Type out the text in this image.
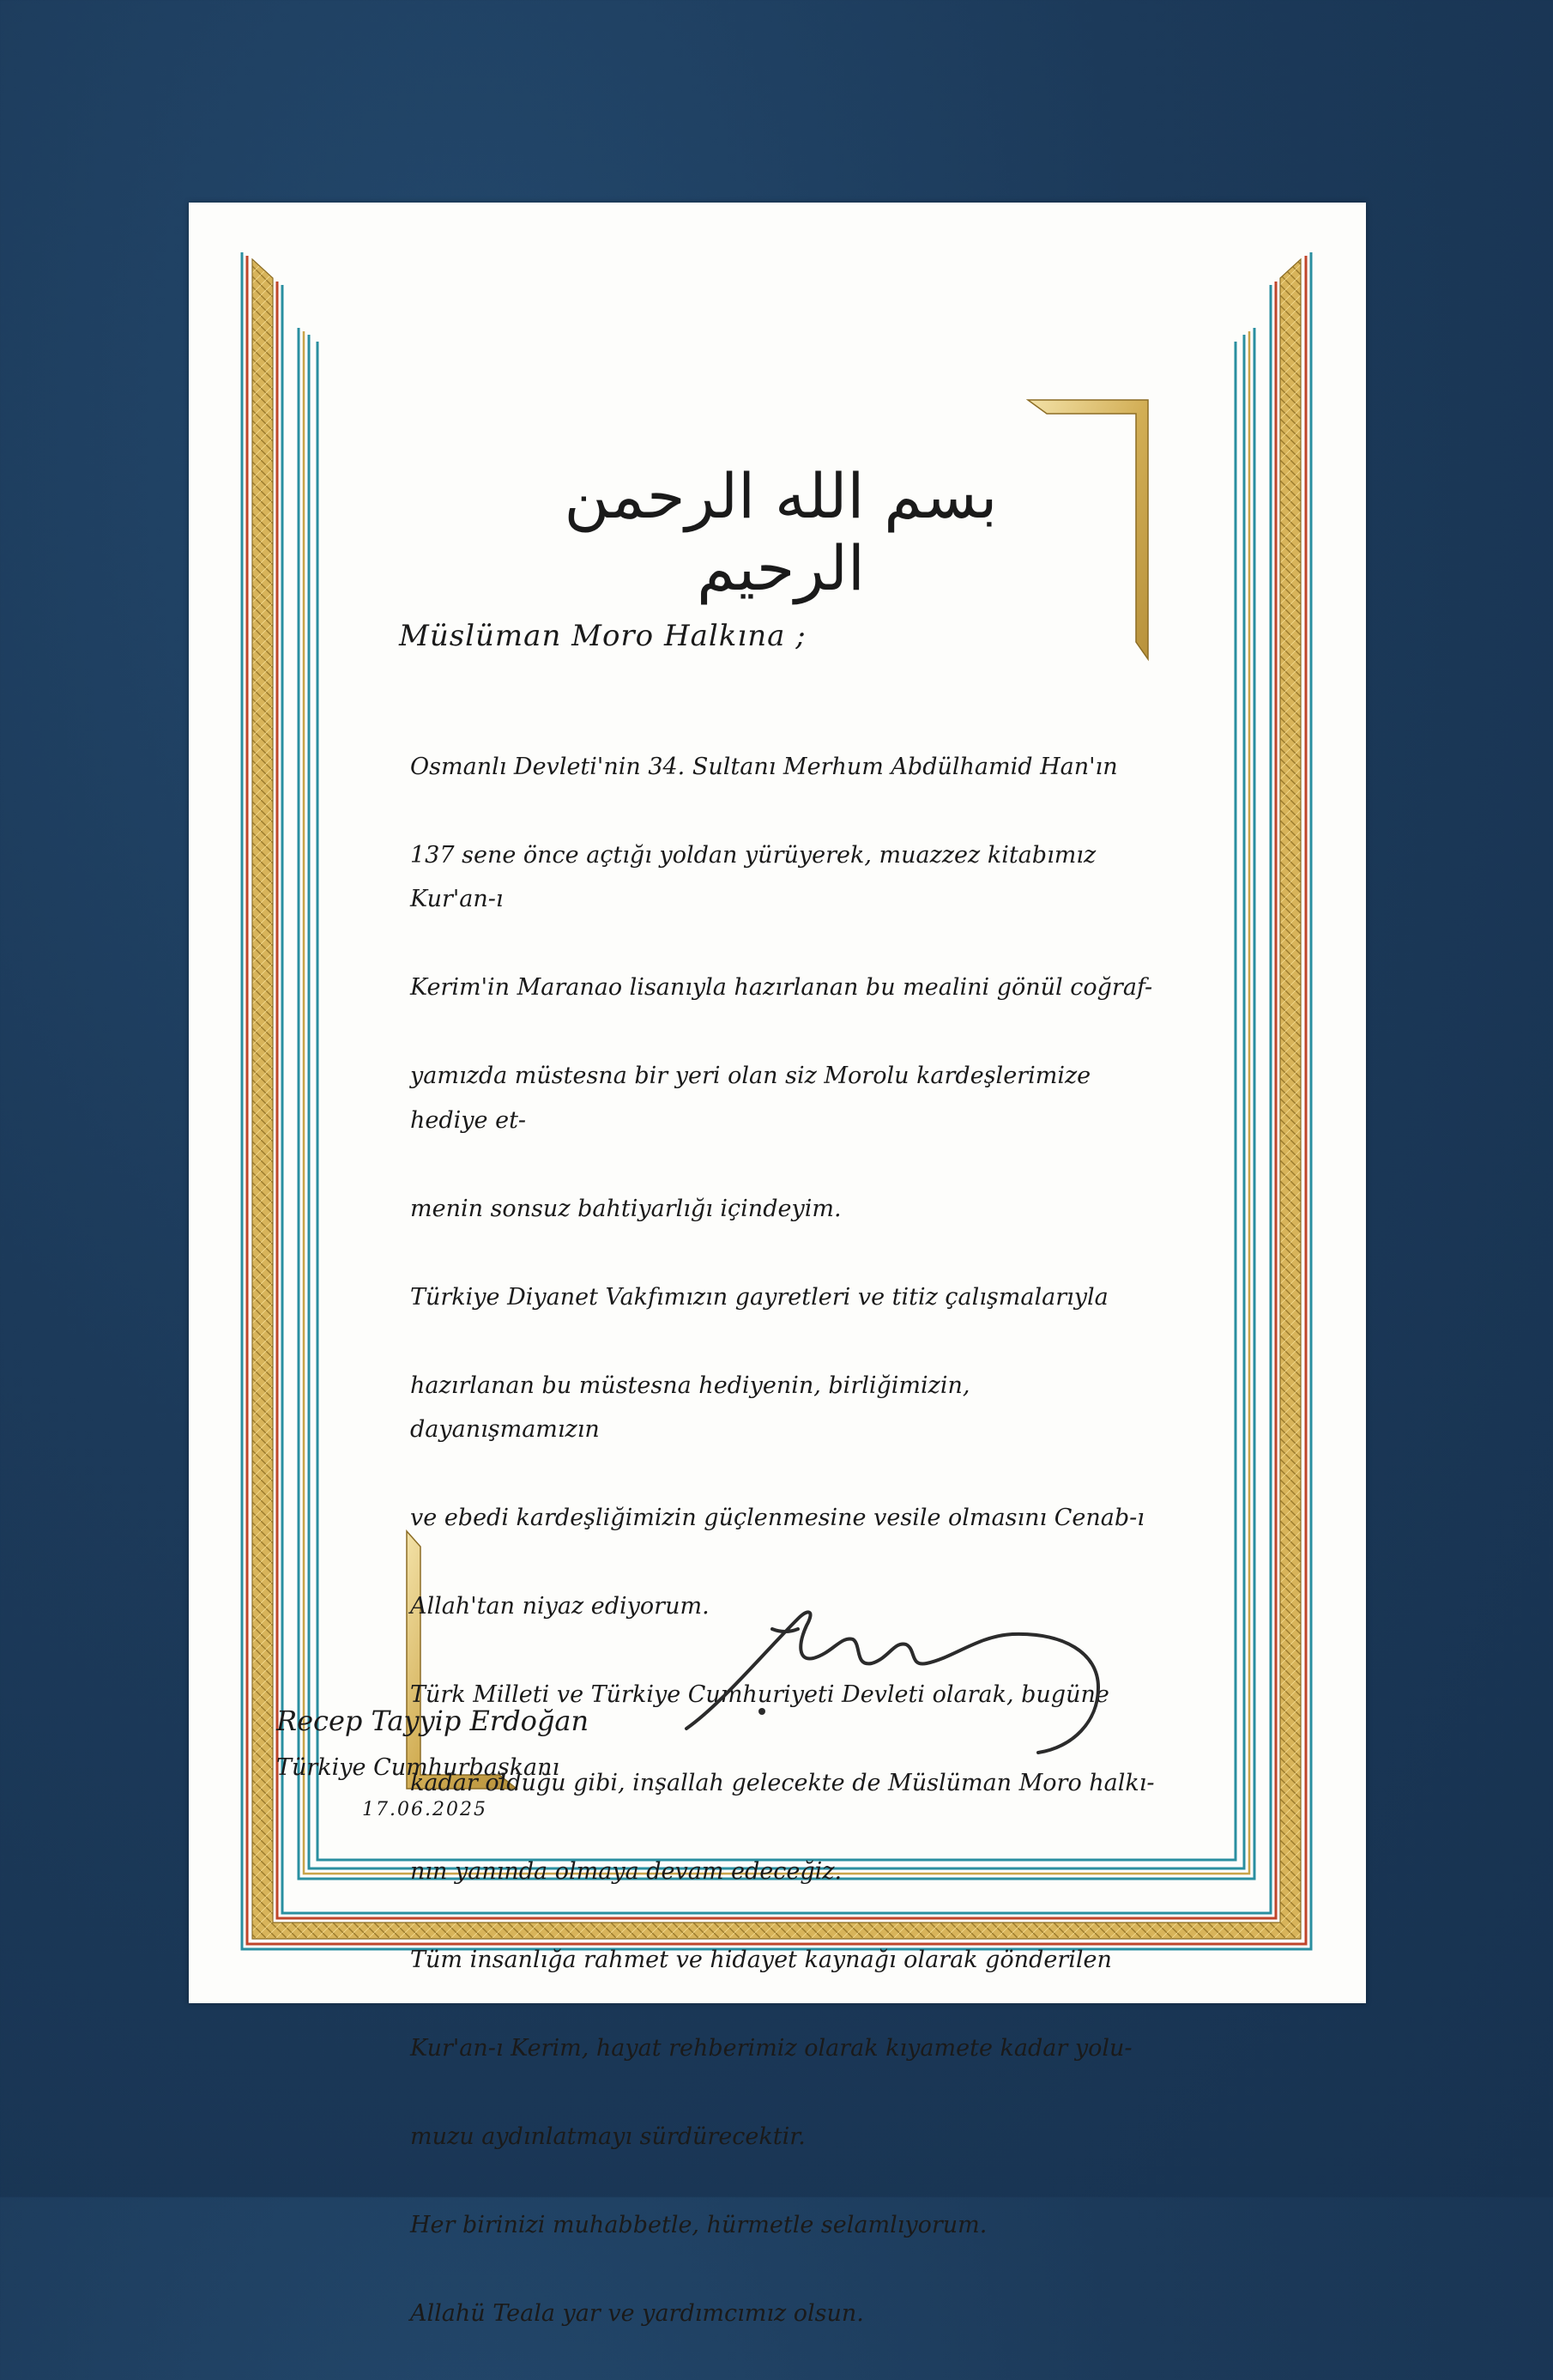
بسم الله الرحمن الرحيم
Müslüman Moro Halkına ;

Osmanlı Devleti'nin 34. Sultanı Merhum Abdülhamid Han'ın

137 sene önce açtığı yoldan yürüyerek, muazzez kitabımız Kur'an-ı

Kerim'in Maranao lisanıyla hazırlanan bu mealini gönül coğraf-

yamızda müstesna bir yeri olan siz Morolu kardeşlerimize hediye et-

menin sonsuz bahtiyarlığı içindeyim.

Türkiye Diyanet Vakfımızın gayretleri ve titiz çalışmalarıyla

hazırlanan bu müstesna hediyenin, birliğimizin, dayanışmamızın

ve ebedi kardeşliğimizin güçlenmesine vesile olmasını Cenab-ı

Allah'tan niyaz ediyorum.

Türk Milleti ve Türkiye Cumhuriyeti Devleti olarak, bugüne

kadar olduğu gibi, inşallah gelecekte de Müslüman Moro halkı-

nın yanında olmaya devam edeceğiz.

Tüm insanlığa rahmet ve hidayet kaynağı olarak gönderilen

Kur'an-ı Kerim, hayat rehberimiz olarak kıyamete kadar yolu-

muzu aydınlatmayı sürdürecektir.

Her birinizi muhabbetle, hürmetle selamlıyorum.

Allahü Teala yar ve yardımcımız olsun.

Recep Tayyip Erdoğan
Türkiye Cumhurbaşkanı
17.06.2025
